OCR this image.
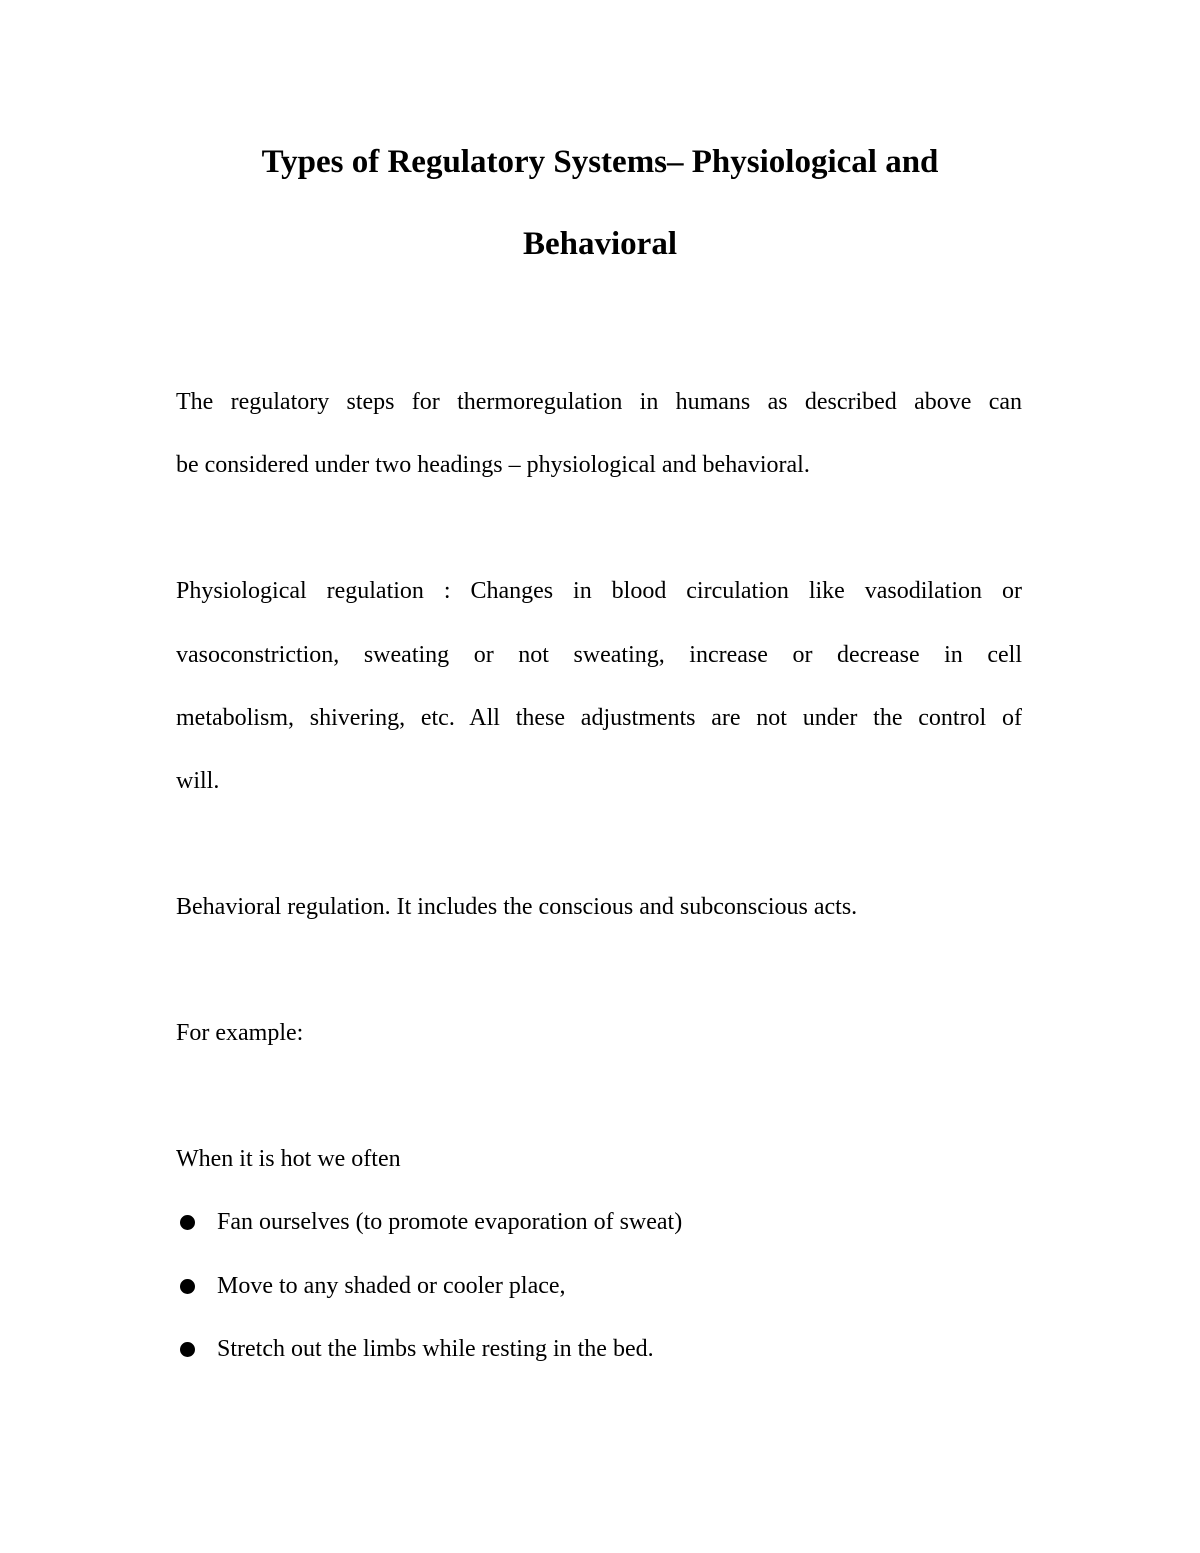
Types of Regulatory Systems– Physiological and
Behavioral

The regulatory steps for thermoregulation in humans as described above can

be considered under two headings – physiological and behavioral.

Physiological regulation : Changes in blood circulation like vasodilation or

vasoconstriction, sweating or not sweating, increase or decrease in cell

metabolism, shivering, etc. All these adjustments are not under the control of

will.

Behavioral regulation. It includes the conscious and subconscious acts.

For example:

When it is hot we often

Fan ourselves (to promote evaporation of sweat)
Move to any shaded or cooler place,
Stretch out the limbs while resting in the bed.
